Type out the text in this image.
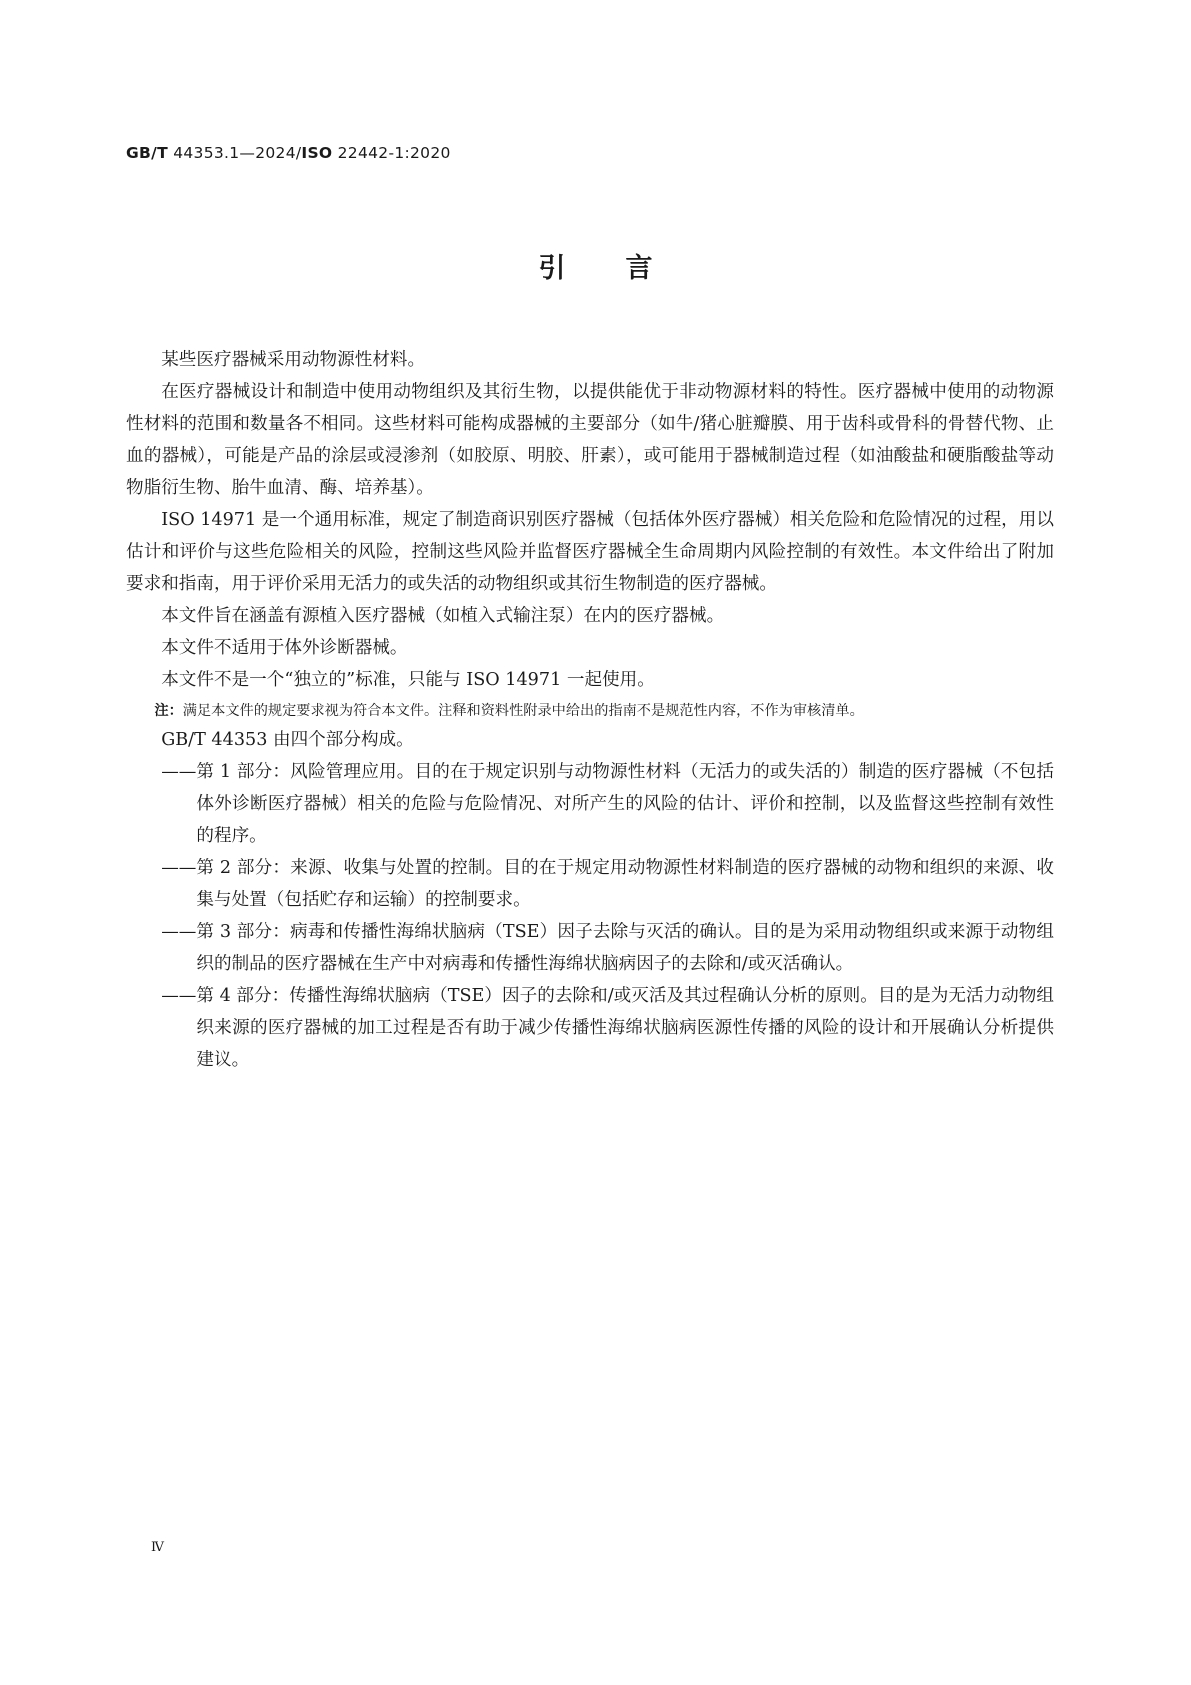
GB/T 44353.1—2024/ISO 22442-1:2020
引言

某些医疗器械采用动物源性材料。

在医疗器械设计和制造中使用动物组织及其衍生物，以提供能优于非动物源材料的特性。医疗器械中使用的动物源性材料的范围和数量各不相同。这些材料可能构成器械的主要部分（如牛/猪心脏瓣膜、用于齿科或骨科的骨替代物、止血的器械），可能是产品的涂层或浸渗剂（如胶原、明胶、肝素），或可能用于器械制造过程（如油酸盐和硬脂酸盐等动物脂衍生物、胎牛血清、酶、培养基）。

ISO 14971 是一个通用标准，规定了制造商识别医疗器械（包括体外医疗器械）相关危险和危险情况的过程，用以估计和评价与这些危险相关的风险，控制这些风险并监督医疗器械全生命周期内风险控制的有效性。本文件给出了附加要求和指南，用于评价采用无活力的或失活的动物组织或其衍生物制造的医疗器械。

本文件旨在涵盖有源植入医疗器械（如植入式输注泵）在内的医疗器械。

本文件不适用于体外诊断器械。

本文件不是一个“独立的”标准，只能与 ISO 14971 一起使用。

注：满足本文件的规定要求视为符合本文件。注释和资料性附录中给出的指南不是规范性内容，不作为审核清单。

GB/T 44353 由四个部分构成。

—— 第 1 部分：风险管理应用。目的在于规定识别与动物源性材料（无活力的或失活的）制造的医疗器械（不包括体外诊断医疗器械）相关的危险与危险情况、对所产生的风险的估计、评价和控制，以及监督这些控制有效性的程序。
—— 第 2 部分：来源、收集与处置的控制。目的在于规定用动物源性材料制造的医疗器械的动物和组织的来源、收集与处置（包括贮存和运输）的控制要求。
—— 第 3 部分：病毒和传播性海绵状脑病（TSE）因子去除与灭活的确认。目的是为采用动物组织或来源于动物组织的制品的医疗器械在生产中对病毒和传播性海绵状脑病因子的去除和/或灭活确认。
—— 第 4 部分：传播性海绵状脑病（TSE）因子的去除和/或灭活及其过程确认分析的原则。目的是为无活力动物组织来源的医疗器械的加工过程是否有助于减少传播性海绵状脑病医源性传播的风险的设计和开展确认分析提供建议。
Ⅳ
